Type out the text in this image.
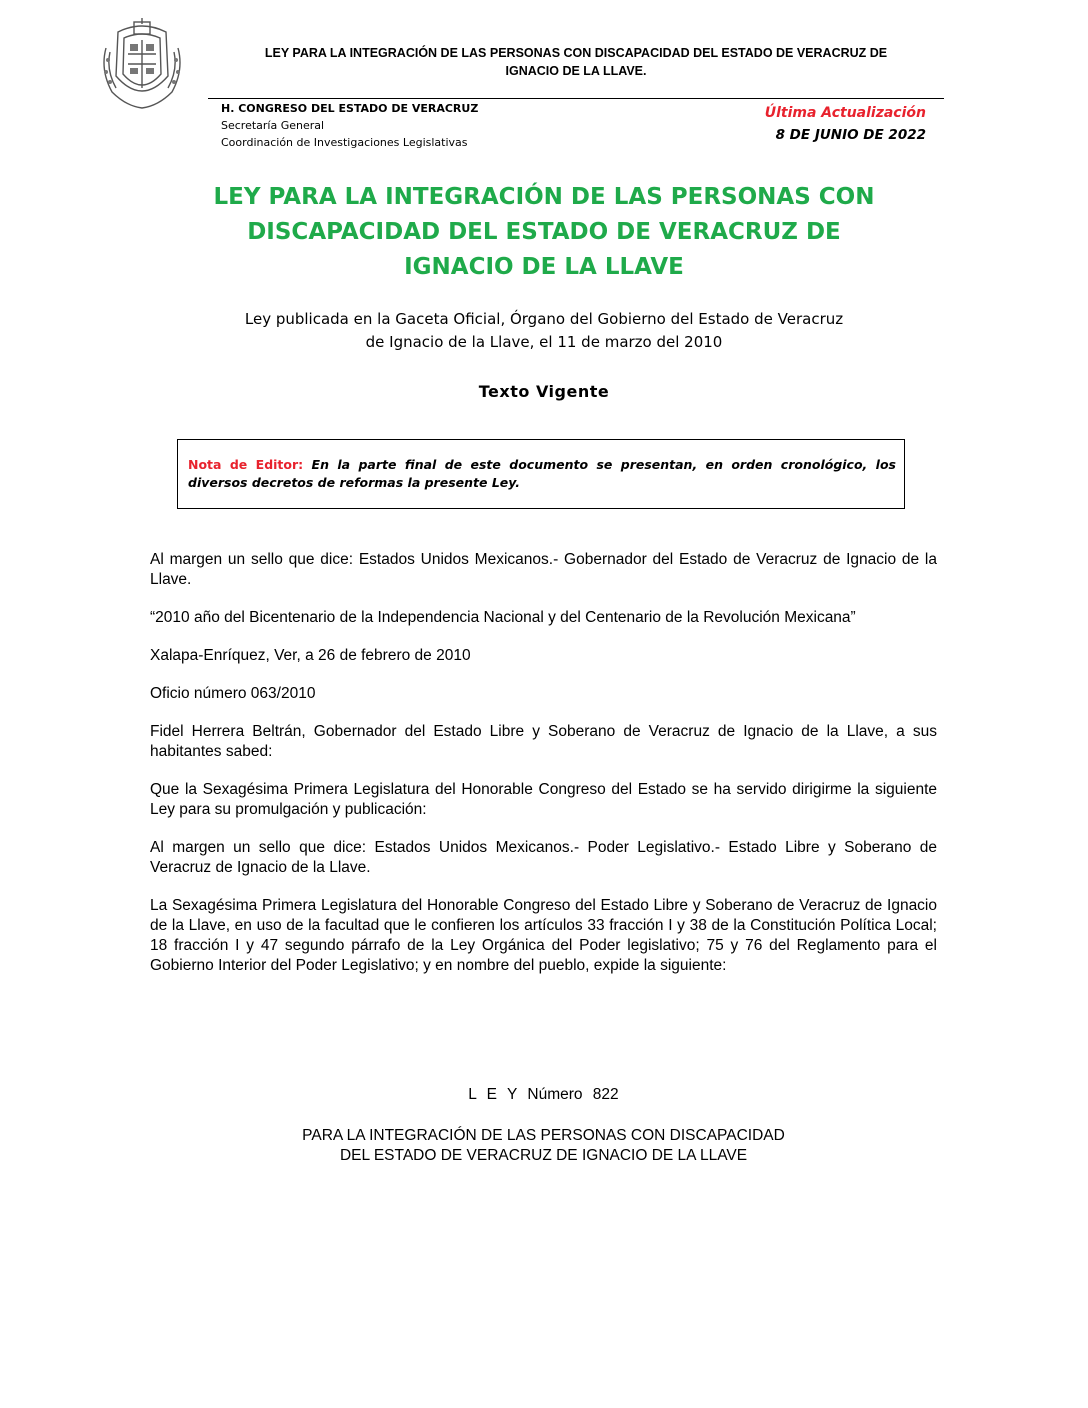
LEY PARA LA INTEGRACIÓN DE LAS PERSONAS CON DISCAPACIDAD DEL ESTADO DE VERACRUZ DE
IGNACIO DE LA LLAVE.
H. CONGRESO DEL ESTADO DE VERACRUZ
Secretaría General
Coordinación de Investigaciones Legislativas
Última Actualización
8 DE JUNIO DE 2022
LEY PARA LA INTEGRACIÓN DE LAS PERSONAS CON
DISCAPACIDAD DEL ESTADO DE VERACRUZ DE
IGNACIO DE LA LLAVE
Ley publicada en la Gaceta Oficial, Órgano del Gobierno del Estado de Veracruz
de Ignacio de la Llave, el 11 de marzo del 2010
Texto Vigente
Nota de Editor: En la parte final de este documento se presentan, en orden cronológico, los diversos decretos de reformas la presente Ley.

Al margen un sello que dice: Estados Unidos Mexicanos.- Gobernador del Estado de Veracruz de Ignacio de la Llave.

“2010 año del Bicentenario de la Independencia Nacional y del Centenario de la Revolución Mexicana”

Xalapa-Enríquez, Ver, a 26 de febrero de 2010

Oficio número 063/2010

Fidel Herrera Beltrán, Gobernador del Estado Libre y Soberano de Veracruz de Ignacio de la Llave, a sus habitantes sabed:

Que la Sexagésima Primera Legislatura del Honorable Congreso del Estado se ha servido dirigirme la siguiente Ley para su promulgación y publicación:

Al margen un sello que dice: Estados Unidos Mexicanos.- Poder Legislativo.- Estado Libre y Soberano de Veracruz de Ignacio de la Llave.

La Sexagésima Primera Legislatura del Honorable Congreso del Estado Libre y Soberano de Veracruz de Ignacio de la Llave, en uso de la facultad que le confieren los artículos 33 fracción I y 38 de la Constitución Política Local; 18 fracción I y 47 segundo párrafo de la Ley Orgánica del Poder legislativo; 75 y 76 del Reglamento para el Gobierno Interior del Poder Legislativo; y en nombre del pueblo, expide la siguiente:

L E Y Número 822
PARA LA INTEGRACIÓN DE LAS PERSONAS CON DISCAPACIDAD
DEL ESTADO DE VERACRUZ DE IGNACIO DE LA LLAVE
